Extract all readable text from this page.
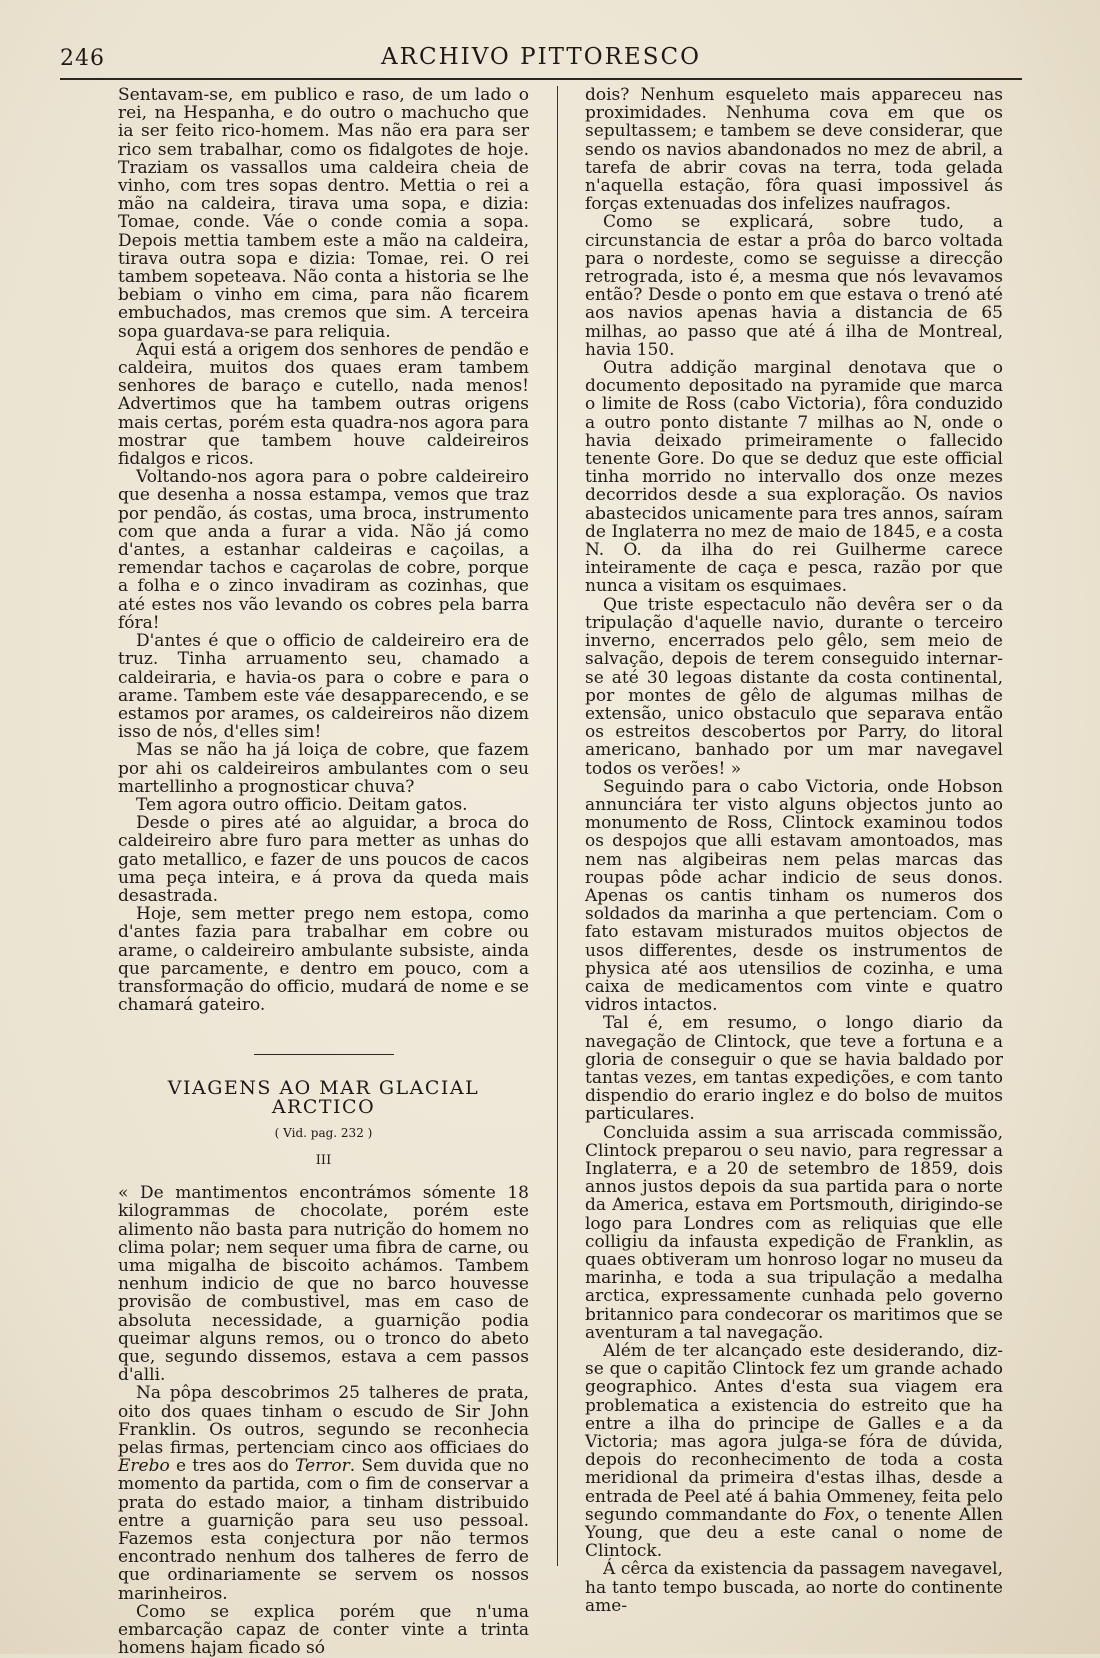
246	ARCHIVO PITTORESCO

Sentavam-se, em publico e raso, de um lado o rei, na Hespanha, e do outro o machucho que ia ser feito rico-homem. Mas não era para ser rico sem trabalhar, como os fidalgotes de hoje. Traziam os vassallos uma caldeira cheia de vinho, com tres sopas dentro. Mettia o rei a mão na caldeira, tirava uma sopa, e dizia: Tomae, conde. Váe o conde comia a sopa. Depois mettia tambem este a mão na caldeira, tirava outra sopa e dizia: Tomae, rei. O rei tambem sopeteava. Não conta a historia se lhe bebiam o vinho em cima, para não ficarem embuchados, mas cremos que sim. A terceira sopa guardava-se para reliquia.

Aqui está a origem dos senhores de pendão e caldeira, muitos dos quaes eram tambem senhores de baraço e cutello, nada menos! Advertimos que ha tambem outras origens mais certas, porém esta quadra-nos agora para mostrar que tambem houve caldeireiros fidalgos e ricos.

Voltando-nos agora para o pobre caldeireiro que desenha a nossa estampa, vemos que traz por pendão, ás costas, uma broca, instrumento com que anda a furar a vida. Não já como d'antes, a estanhar caldeiras e caçoilas, a remendar tachos e caçarolas de cobre, porque a folha e o zinco invadiram as cozinhas, que até estes nos vão levando os cobres pela barra fóra!

D'antes é que o officio de caldeireiro era de truz. Tinha arruamento seu, chamado a caldeiraria, e havia-os para o cobre e para o arame. Tambem este váe desapparecendo, e se estamos por arames, os caldeireiros não dizem isso de nós, d'elles sim!

Mas se não ha já loiça de cobre, que fazem por ahi os caldeireiros ambulantes com o seu martellinho a prognosticar chuva?

Tem agora outro officio. Deitam gatos.

Desde o pires até ao alguidar, a broca do caldeireiro abre furo para metter as unhas do gato metallico, e fazer de uns poucos de cacos uma peça inteira, e á prova da queda mais desastrada.

Hoje, sem metter prego nem estopa, como d'antes fazia para trabalhar em cobre ou arame, o caldeireiro ambulante subsiste, ainda que parcamente, e dentro em pouco, com a transformação do officio, mudará de nome e se chamará gateiro.

VIAGENS AO MAR GLACIAL ARCTICO
( Vid. pag. 232 )
III

« De mantimentos encontrámos sómente 18 kilogrammas de chocolate, porém este alimento não basta para nutrição do homem no clima polar; nem sequer uma fibra de carne, ou uma migalha de biscoito achámos. Tambem nenhum indicio de que no barco houvesse provisão de combustivel, mas em caso de absoluta necessidade, a guarnição podia queimar alguns remos, ou o tronco do abeto que, segundo dissemos, estava a cem passos d'alli.

Na pôpa descobrimos 25 talheres de prata, oito dos quaes tinham o escudo de Sir John Franklin. Os outros, segundo se reconhecia pelas firmas, pertenciam cinco aos officiaes do Erebo e tres aos do Terror. Sem duvida que no momento da partida, com o fim de conservar a prata do estado maior, a tinham distribuido entre a guarnição para seu uso pessoal. Fazemos esta conjectura por não termos encontrado nenhum dos talheres de ferro de que ordinariamente se servem os nossos marinheiros.

Como se explica porém que n'uma embarcação capaz de conter vinte a trinta homens hajam ficado só

dois? Nenhum esqueleto mais appareceu nas proximidades. Nenhuma cova em que os sepultassem; e tambem se deve considerar, que sendo os navios abandonados no mez de abril, a tarefa de abrir covas na terra, toda gelada n'aquella estação, fôra quasi impossivel ás forças extenuadas dos infelizes naufragos.

Como se explicará, sobre tudo, a circunstancia de estar a prôa do barco voltada para o nordeste, como se seguisse a direcção retrograda, isto é, a mesma que nós levavamos então? Desde o ponto em que estava o trenó até aos navios apenas havia a distancia de 65 milhas, ao passo que até á ilha de Montreal, havia 150.

Outra addição marginal denotava que o documento depositado na pyramide que marca o limite de Ross (cabo Victoria), fôra conduzido a outro ponto distante 7 milhas ao N, onde o havia deixado primeiramente o fallecido tenente Gore. Do que se deduz que este official tinha morrido no intervallo dos onze mezes decorridos desde a sua exploração. Os navios abastecidos unicamente para tres annos, saíram de Inglaterra no mez de maio de 1845, e a costa N. O. da ilha do rei Guilherme carece inteiramente de caça e pesca, razão por que nunca a visitam os esquimaes.

Que triste espectaculo não devêra ser o da tripulação d'aquelle navio, durante o terceiro inverno, encerrados pelo gêlo, sem meio de salvação, depois de terem conseguido internar-se até 30 legoas distante da costa continental, por montes de gêlo de algumas milhas de extensão, unico obstaculo que separava então os estreitos descobertos por Parry, do litoral americano, banhado por um mar navegavel todos os verões! »

Seguindo para o cabo Victoria, onde Hobson annunciára ter visto alguns objectos junto ao monumento de Ross, Clintock examinou todos os despojos que alli estavam amontoados, mas nem nas algibeiras nem pelas marcas das roupas pôde achar indicio de seus donos. Apenas os cantis tinham os numeros dos soldados da marinha a que pertenciam. Com o fato estavam misturados muitos objectos de usos differentes, desde os instrumentos de physica até aos utensilios de cozinha, e uma caixa de medicamentos com vinte e quatro vidros intactos.

Tal é, em resumo, o longo diario da navegação de Clintock, que teve a fortuna e a gloria de conseguir o que se havia baldado por tantas vezes, em tantas expedições, e com tanto dispendio do erario inglez e do bolso de muitos particulares.

Concluida assim a sua arriscada commissão, Clintock preparou o seu navio, para regressar a Inglaterra, e a 20 de setembro de 1859, dois annos justos depois da sua partida para o norte da America, estava em Portsmouth, dirigindo-se logo para Londres com as reliquias que elle colligiu da infausta expedição de Franklin, as quaes obtiveram um honroso logar no museu da marinha, e toda a sua tripulação a medalha arctica, expressamente cunhada pelo governo britannico para condecorar os maritimos que se aventuram a tal navegação.

Além de ter alcançado este desiderando, diz-se que o capitão Clintock fez um grande achado geographico. Antes d'esta sua viagem era problematica a existencia do estreito que ha entre a ilha do principe de Galles e a da Victoria; mas agora julga-se fóra de dúvida, depois do reconhecimento de toda a costa meridional da primeira d'estas ilhas, desde a entrada de Peel até á bahia Ommeney, feita pelo segundo commandante do Fox, o tenente Allen Young, que deu a este canal o nome de Clintock.

Á cêrca da existencia da passagem navegavel, ha tanto tempo buscada, ao norte do continente ame-
